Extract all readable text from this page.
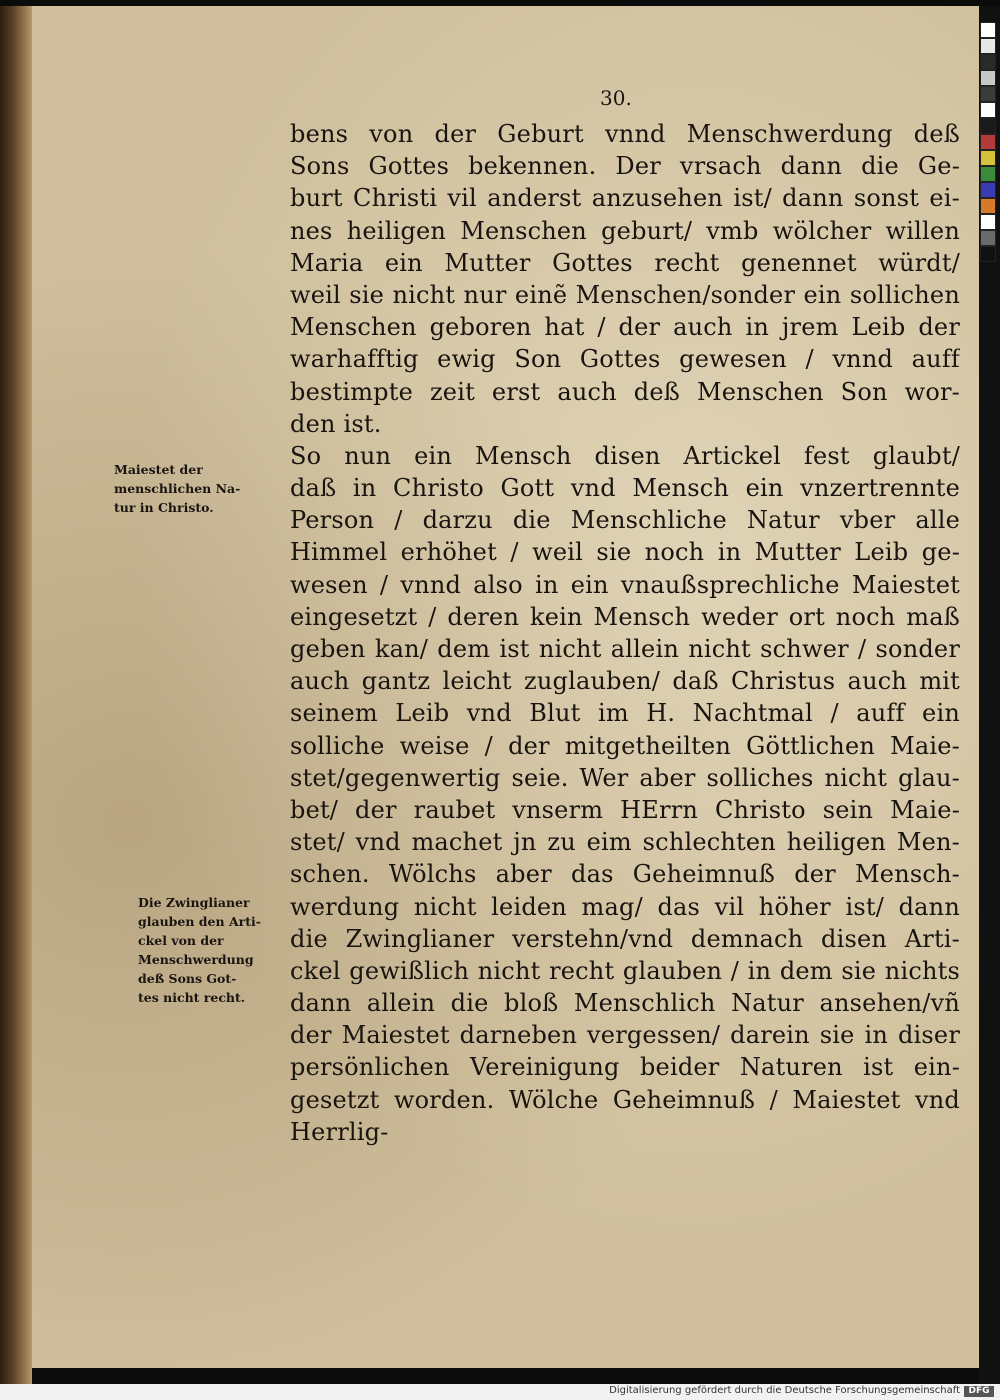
30.
Maiestet der
menschlichen Na-
tur in Christo.
Die Zwinglianer
glauben den Arti-
ckel von der
Menschwerdung
deß Sons Got-
tes nicht recht.
bens von der Geburt vnnd Menschwerdung deß
Sons Gottes bekennen. Der vrsach dann die Ge-
burt Christi vil anderst anzusehen ist/ dann sonst ei-
nes heiligen Menschen geburt/ vmb wölcher willen
Maria ein Mutter Gottes recht genennet würdt/
weil sie nicht nur einẽ Menschen/sonder ein sollichen
Menschen geboren hat / der auch in jrem Leib der
warhafftig ewig Son Gottes gewesen / vnnd auff
bestimpte zeit erst auch deß Menschen Son wor-
den ist.
So nun ein Mensch disen Artickel fest glaubt/
daß in Christo Gott vnd Mensch ein vnzertrennte
Person / darzu die Menschliche Natur vber alle
Himmel erhöhet / weil sie noch in Mutter Leib ge-
wesen / vnnd also in ein vnaußsprechliche Maiestet
eingesetzt / deren kein Mensch weder ort noch maß
geben kan/ dem ist nicht allein nicht schwer / sonder
auch gantz leicht zuglauben/ daß Christus auch mit
seinem Leib vnd Blut im H. Nachtmal / auff ein
solliche weise / der mitgetheilten Göttlichen Maie-
stet/gegenwertig seie. Wer aber solliches nicht glau-
bet/ der raubet vnserm HErrn Christo sein Maie-
stet/ vnd machet jn zu eim schlechten heiligen Men-
schen. Wölchs aber das Geheimnuß der Mensch-
werdung nicht leiden mag/ das vil höher ist/ dann
die Zwinglianer verstehn/vnd demnach disen Arti-
ckel gewißlich nicht recht glauben / in dem sie nichts
dann allein die bloß Menschlich Natur ansehen/vñ
der Maiestet darneben vergessen/ darein sie in diser
persönlichen Vereinigung beider Naturen ist ein-
gesetzt worden. Wölche Geheimnuß / Maiestet vnd
Herrlig-
Digitalisierung gefördert durch die Deutsche Forschungsgemeinschaft DFG
